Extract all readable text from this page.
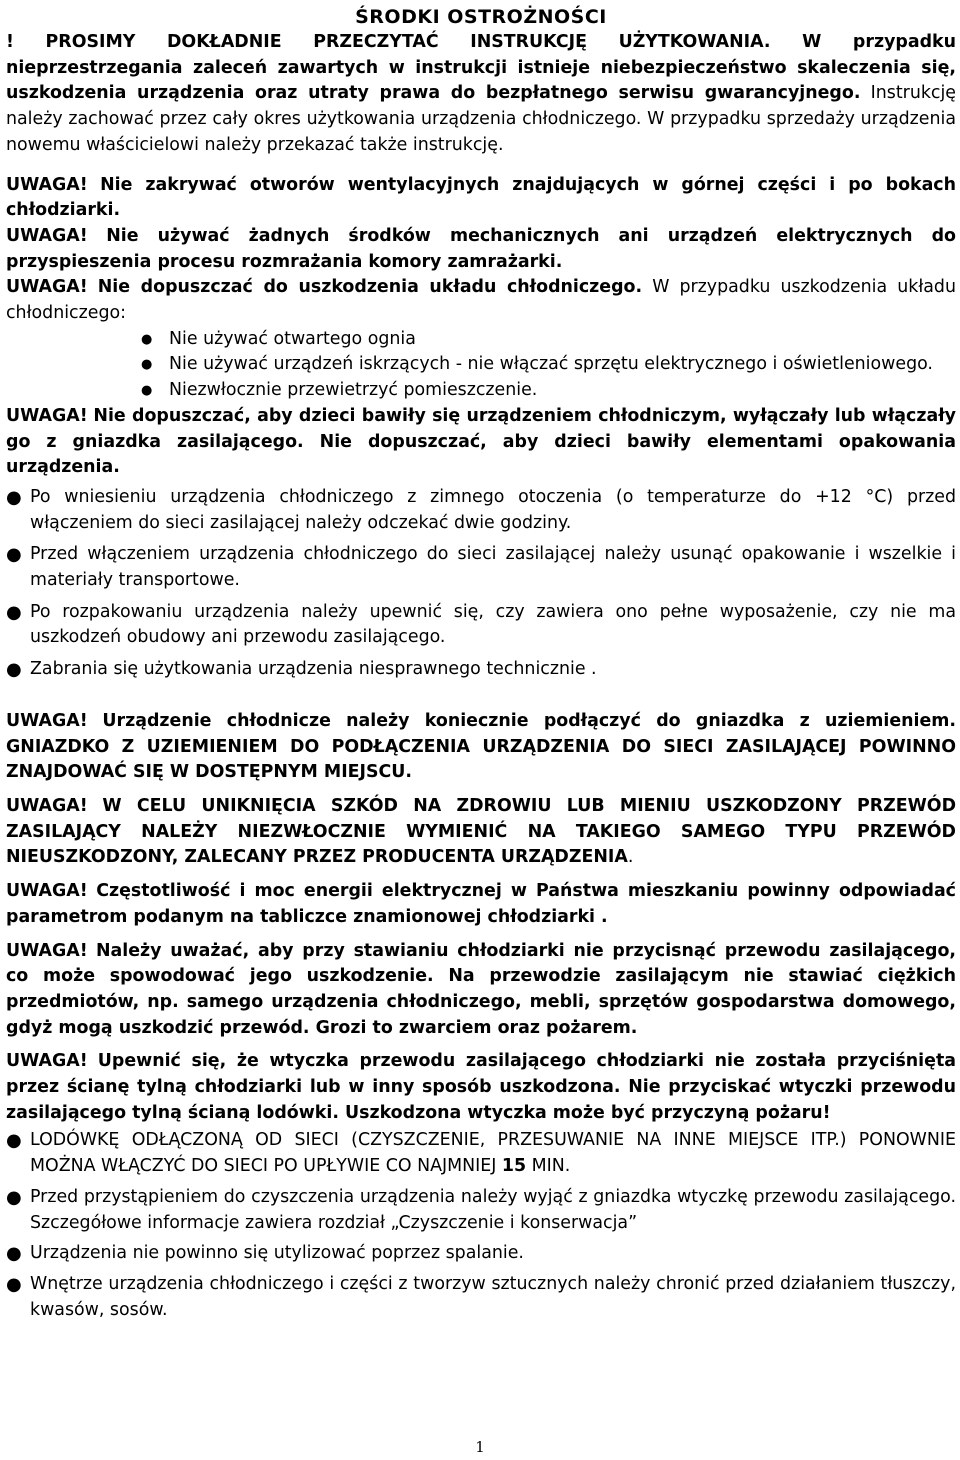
ŚRODKI OSTROŻNOŚCI

! PROSIMY DOKŁADNIE PRZECZYTAĆ INSTRUKCJĘ UŻYTKOWANIA. W przypadku nieprzestrzegania zaleceń zawartych w instrukcji istnieje niebezpieczeństwo skaleczenia się, uszkodzenia urządzenia oraz utraty prawa do bezpłatnego serwisu gwarancyjnego. Instrukcję należy zachować przez cały okres użytkowania urządzenia chłodniczego. W przypadku sprzedaży urządzenia nowemu właścicielowi należy przekazać także instrukcję.

UWAGA! Nie zakrywać otworów wentylacyjnych znajdujących w górnej części i po bokach chłodziarki.

UWAGA! Nie używać żadnych środków mechanicznych ani urządzeń elektrycznych do przyspieszenia procesu rozmrażania komory zamrażarki.

UWAGA! Nie dopuszczać do uszkodzenia układu chłodniczego. W przypadku uszkodzenia układu chłodniczego:

● Nie używać otwartego ognia
● Nie używać urządzeń iskrzących - nie włączać sprzętu elektrycznego i oświetleniowego.
● Niezwłocznie przewietrzyć pomieszczenie.

UWAGA! Nie dopuszczać, aby dzieci bawiły się urządzeniem chłodniczym, wyłączały lub włączały go z gniazdka zasilającego. Nie dopuszczać, aby dzieci bawiły elementami opakowania urządzenia.

● Po wniesieniu urządzenia chłodniczego z zimnego otoczenia (o temperaturze do +12 °C) przed włączeniem do sieci zasilającej należy odczekać dwie godziny.
● Przed włączeniem urządzenia chłodniczego do sieci zasilającej należy usunąć opakowanie i wszelkie i materiały transportowe.
● Po rozpakowaniu urządzenia należy upewnić się, czy zawiera ono pełne wyposażenie, czy nie ma uszkodzeń obudowy ani przewodu zasilającego.
● Zabrania się użytkowania urządzenia niesprawnego technicznie .

UWAGA! Urządzenie chłodnicze należy koniecznie podłączyć do gniazdka z uziemieniem. GNIAZDKO Z UZIEMIENIEM DO PODŁĄCZENIA URZĄDZENIA DO SIECI ZASILAJĄCEJ POWINNO ZNAJDOWAĆ SIĘ W DOSTĘPNYM MIEJSCU.

UWAGA! W CELU UNIKNIĘCIA SZKÓD NA ZDROWIU LUB MIENIU USZKODZONY PRZEWÓD ZASILAJĄCY NALEŻY NIEZWŁOCZNIE WYMIENIĆ NA TAKIEGO SAMEGO TYPU PRZEWÓD NIEUSZKODZONY, ZALECANY PRZEZ PRODUCENTA URZĄDZENIA.

UWAGA! Częstotliwość i moc energii elektrycznej w Państwa mieszkaniu powinny odpowiadać parametrom podanym na tabliczce znamionowej chłodziarki .

UWAGA! Należy uważać, aby przy stawianiu chłodziarki nie przycisnąć przewodu zasilającego, co może spowodować jego uszkodzenie. Na przewodzie zasilającym nie stawiać ciężkich przedmiotów, np. samego urządzenia chłodniczego, mebli, sprzętów gospodarstwa domowego, gdyż mogą uszkodzić przewód. Grozi to zwarciem oraz pożarem.

UWAGA! Upewnić się, że wtyczka przewodu zasilającego chłodziarki nie została przyciśnięta przez ścianę tylną chłodziarki lub w inny sposób uszkodzona. Nie przyciskać wtyczki przewodu zasilającego tylną ścianą lodówki. Uszkodzona wtyczka może być przyczyną pożaru!

● LODÓWKĘ ODŁĄCZONĄ OD SIECI (CZYSZCZENIE, PRZESUWANIE NA INNE MIEJSCE ITP.) PONOWNIE MOŻNA WŁĄCZYĆ DO SIECI PO UPŁYWIE CO NAJMNIEJ 15 MIN.
● Przed przystąpieniem do czyszczenia urządzenia należy wyjąć z gniazdka wtyczkę przewodu zasilającego. Szczegółowe informacje zawiera rozdział „Czyszczenie i konserwacja”
● Urządzenia nie powinno się utylizować poprzez spalanie.
● Wnętrze urządzenia chłodniczego i części z tworzyw sztucznych należy chronić przed działaniem tłuszczy, kwasów, sosów.
1
